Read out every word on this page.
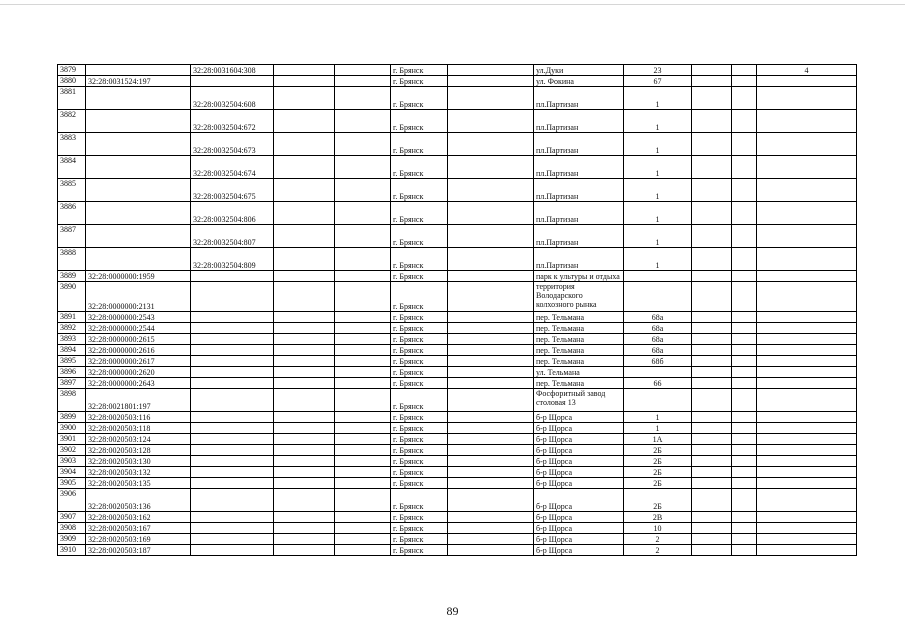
3879		32:28:0031604:308			г. Брянск		ул.Дуки	23			4
3880	32:28:0031524:197				г. Брянск		ул. Фокина	67			
3881		32:28:0032504:608			г. Брянск		пл.Партизан	1			
3882		32:28:0032504:672			г. Брянск		пл.Партизан	1			
3883		32:28:0032504:673			г. Брянск		пл.Партизан	1			
3884		32:28:0032504:674			г. Брянск		пл.Партизан	1			
3885		32:28:0032504:675			г. Брянск		пл.Партизан	1			
3886		32:28:0032504:806			г. Брянск		пл.Партизан	1			
3887		32:28:0032504:807			г. Брянск		пл.Партизан	1			
3888		32:28:0032504:809			г. Брянск		пл.Партизан	1			
3889	32:28:0000000:1959				г. Брянск		парк к ультуры и отдыха				
3890	32:28:0000000:2131				г. Брянск		территория Володарского колхозного рынка				
3891	32:28:0000000:2543				г. Брянск		пер. Тельмана	68а			
3892	32:28:0000000:2544				г. Брянск		пер. Тельмана	68а			
3893	32:28:0000000:2615				г. Брянск		пер. Тельмана	68а			
3894	32:28:0000000:2616				г. Брянск		пер. Тельмана	68а			
3895	32:28:0000000:2617				г. Брянск		пер. Тельмана	68б			
3896	32:28:0000000:2620				г. Брянск		ул. Тельмана				
3897	32:28:0000000:2643				г. Брянск		пер. Тельмана	66			
3898	32:28:0021801:197				г. Брянск		Фосфоритный завод столовая 13				
3899	32:28:0020503:116				г. Брянск		б-р Щорса	1			
3900	32:28:0020503:118				г. Брянск		б-р Щорса	1			
3901	32:28:0020503:124				г. Брянск		б-р Щорса	1А			
3902	32:28:0020503:128				г. Брянск		б-р Щорса	2Б			
3903	32:28:0020503:130				г. Брянск		б-р Щорса	2Б			
3904	32:28:0020503:132				г. Брянск		б-р Щорса	2Б			
3905	32:28:0020503:135				г. Брянск		б-р Щорса	2Б			
3906	32:28:0020503:136				г. Брянск		б-р Щорса	2Б			
3907	32:28:0020503:162				г. Брянск		б-р Щорса	2В			
3908	32:28:0020503:167				г. Брянск		б-р Щорса	10			
3909	32:28:0020503:169				г. Брянск		б-р Щорса	2			
3910	32:28:0020503:187				г. Брянск		б-р Щорса	2			
89
